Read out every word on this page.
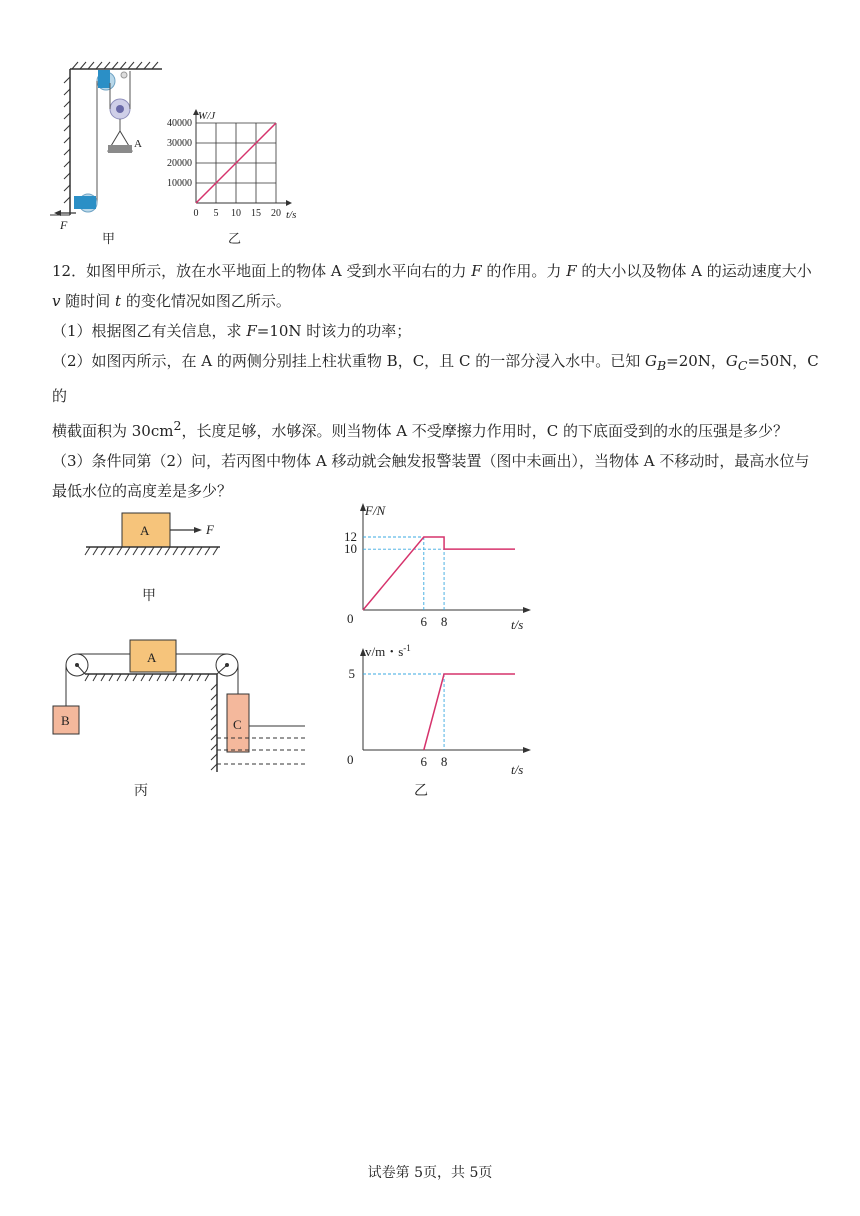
A
F
甲
W/J
t/s
0 5 10 15 20
10000
20000
30000
40000
乙

12．如图甲所示，放在水平地面上的物体 A 受到水平向右的力 F 的作用。力 F 的大小以及物体 A 的运动速度大小

v 随时间 t 的变化情况如图乙所示。

（1）根据图乙有关信息，求 F=10N 时该力的功率；

（2）如图丙所示，在 A 的两侧分别挂上柱状重物 B，C，且 C 的一部分浸入水中。已知 $G_B=20N$，$G_C=50N$，C 的

横截面积为 $30cm^2$，长度足够，水够深。则当物体 A 不受摩擦力作用时，C 的下底面受到的水的压强是多少？

（3）条件同第（2）问，若丙图中物体 A 移动就会触发报警装置（图中未画出），当物体 A 不移动时，最高水位与

最低水位的高度差是多少？

A	F
甲
A
B	C
丙
F/N
t/s
0	6 8
10
12
v/m・$s^{-1}$
t/s
0	6 8
5
乙
试卷第 5页，共 5页
